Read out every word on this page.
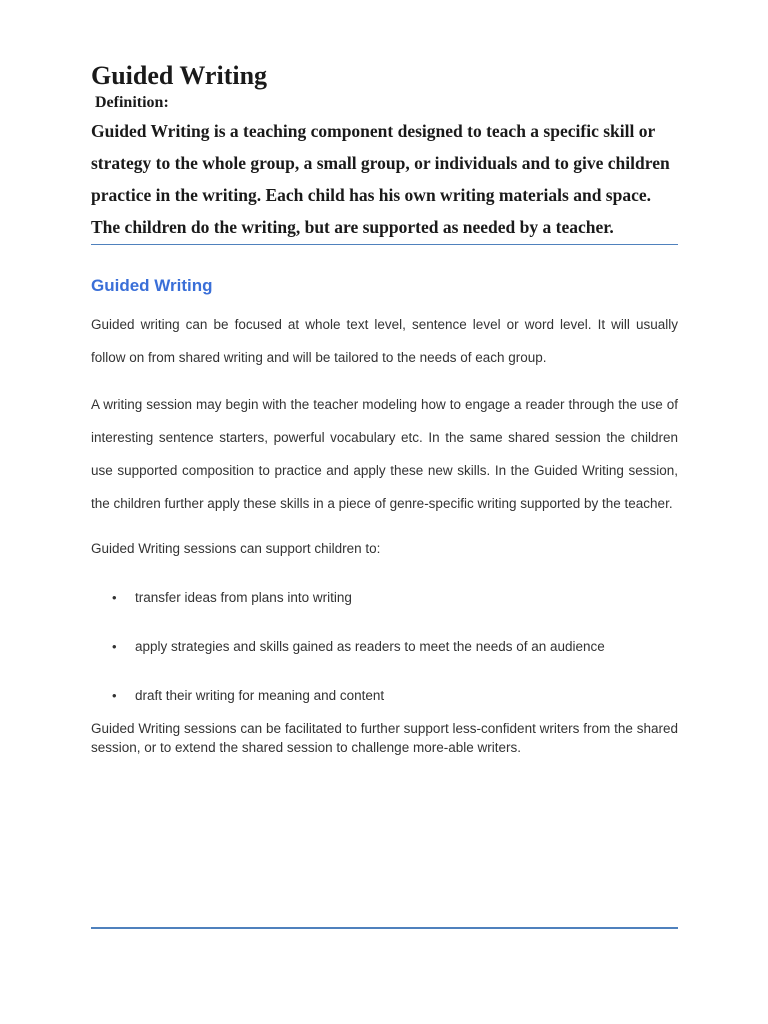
Guided Writing

Definition:

Guided Writing is a teaching component designed to teach a specific skill or strategy to the whole group, a small group, or individuals and to give children practice in the writing. Each child has his own writing materials and space. The children do the writing, but are supported as needed by a teacher.

Guided Writing

Guided writing can be focused at whole text level, sentence level or word level. It will usually follow on from shared writing and will be tailored to the needs of each group.

A writing session may begin with the teacher modeling how to engage a reader through the use of interesting sentence starters, powerful vocabulary etc. In the same shared session the children use supported composition to practice and apply these new skills. In the Guided Writing session, the children further apply these skills in a piece of genre-specific writing supported by the teacher.

Guided Writing sessions can support children to:

• transfer ideas from plans into writing
• apply strategies and skills gained as readers to meet the needs of an audience
• draft their writing for meaning and content

Guided Writing sessions can be facilitated to further support less-confident writers from the shared session, or to extend the shared session to challenge more-able writers.
